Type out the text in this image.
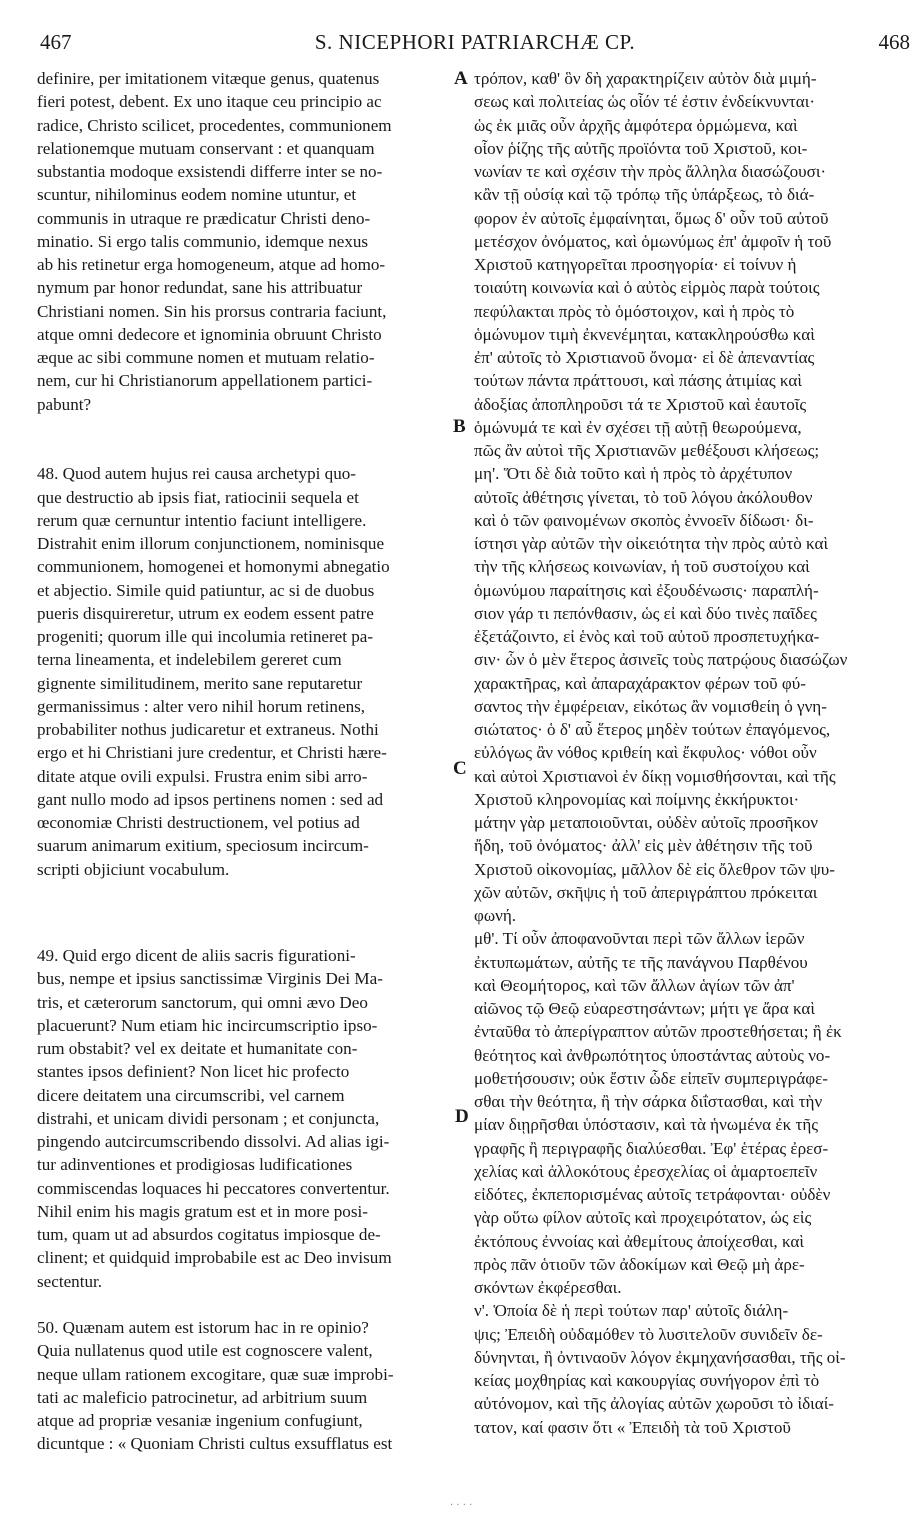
467	S. NICEPHORI PATRIARCHÆ CP.	468
A
B
C
D
definire, per imitationem vitæque genus, quatenus
fieri potest, debent. Ex uno itaque ceu principio ac
radice, Christo scilicet, procedentes, communionem
relationemque mutuam conservant : et quanquam
substantia modoque exsistendi differre inter se no-
scuntur, nihilominus eodem nomine utuntur, et
communis in utraque re prædicatur Christi deno-
minatio. Si ergo talis communio, idemque nexus
ab his retinetur erga homogeneum, atque ad homo-
nymum par honor redundat, sane his attribuatur
Christiani nomen. Sin his prorsus contraria faciunt,
atque omni dedecore et ignominia obruunt Christo
æque ac sibi commune nomen et mutuam relatio-
nem, cur hi Christianorum appellationem partici-
pabunt?
48. Quod autem hujus rei causa archetypi quo-
que destructio ab ipsis fiat, ratiocinii sequela et
rerum quæ cernuntur intentio faciunt intelligere.
Distrahit enim illorum conjunctionem, nominisque
communionem, homogenei et homonymi abnegatio
et abjectio. Simile quid patiuntur, ac si de duobus
pueris disquireretur, utrum ex eodem essent patre
progeniti; quorum ille qui incolumia retineret pa-
terna lineamenta, et indelebilem gereret cum
gignente similitudinem, merito sane reputaretur
germanissimus : alter vero nihil horum retinens,
probabiliter nothus judicaretur et extraneus. Nothi
ergo et hi Christiani jure credentur, et Christi hære-
ditate atque ovili expulsi. Frustra enim sibi arro-
gant nullo modo ad ipsos pertinens nomen : sed ad
œconomiæ Christi destructionem, vel potius ad
suarum animarum exitium, speciosum incircum-
scripti objiciunt vocabulum.
49. Quid ergo dicent de aliis sacris figurationi-
bus, nempe et ipsius sanctissimæ Virginis Dei Ma-
tris, et cæterorum sanctorum, qui omni ævo Deo
placuerunt? Num etiam hic incircumscriptio ipso-
rum obstabit? vel ex deitate et humanitate con-
stantes ipsos definient? Non licet hic profecto
dicere deitatem una circumscribi, vel carnem
distrahi, et unicam dividi personam ; et conjuncta,
pingendo autcircumscribendo dissolvi. Ad alias igi-
tur adinventiones et prodigiosas ludificationes
commiscendas loquaces hi peccatores convertentur.
Nihil enim his magis gratum est et in more posi-
tum, quam ut ad absurdos cogitatus impiosque de-
clinent; et quidquid improbabile est ac Deo invisum
sectentur.
50. Quænam autem est istorum hac in re opinio?
Quia nullatenus quod utile est cognoscere valent,
neque ullam rationem excogitare, quæ suæ improbi-
tati ac maleficio patrocinetur, ad arbitrium suum
atque ad propriæ vesaniæ ingenium confugiunt,
dicuntque : « Quoniam Christi cultus exsufflatus est
τρόπον, καθ' ὃν δὴ χαρακτηρίζειν αὐτὸν διὰ μιμή-
σεως καὶ πολιτείας ὡς οἷόν τέ ἐστιν ἐνδείκνυνται·
ὡς ἐκ μιᾶς οὖν ἀρχῆς ἀμφότερα ὁρμώμενα, καὶ
οἷον ῥίζης τῆς αὐτῆς προϊόντα τοῦ Χριστοῦ, κοι-
νωνίαν τε καὶ σχέσιν τὴν πρὸς ἄλληλα διασώζουσι·
κἂν τῇ οὐσίᾳ καὶ τῷ τρόπῳ τῆς ὑπάρξεως, τὸ διά-
φορον ἐν αὐτοῖς ἐμφαίνηται, ὅμως δ' οὖν τοῦ αὐτοῦ
μετέσχον ὀνόματος, καὶ ὁμωνύμως ἐπ' ἀμφοῖν ἡ τοῦ
Χριστοῦ κατηγορεῖται προσηγορία· εἰ τοίνυν ἡ
τοιαύτη κοινωνία καὶ ὁ αὐτὸς εἱρμὸς παρὰ τούτοις
πεφύλακται πρὸς τὸ ὁμόστοιχον, καὶ ἡ πρὸς τὸ
ὁμώνυμον τιμὴ ἐκνενέμηται, κατακληρούσθω καὶ
ἐπ' αὐτοῖς τὸ Χριστιανοῦ ὄνομα· εἰ δὲ ἀπεναντίας
τούτων πάντα πράττουσι, καὶ πάσης ἀτιμίας καὶ
ἀδοξίας ἀποπληροῦσι τά τε Χριστοῦ καὶ ἑαυτοῖς
ὁμώνυμά τε καὶ ἐν σχέσει τῇ αὐτῇ θεωρούμενα,
πῶς ἂν αὐτοὶ τῆς Χριστιανῶν μεθέξουσι κλήσεως;
μη'. Ὅτι δὲ διὰ τοῦτο καὶ ἡ πρὸς τὸ ἀρχέτυπον
αὐτοῖς ἀθέτησις γίνεται, τὸ τοῦ λόγου ἀκόλουθον
καὶ ὁ τῶν φαινομένων σκοπὸς ἐννοεῖν δίδωσι· δι-
ίστησι γὰρ αὐτῶν τὴν οἰκειότητα τὴν πρὸς αὐτὸ καὶ
τὴν τῆς κλήσεως κοινωνίαν, ἡ τοῦ συστοίχου καὶ
ὁμωνύμου παραίτησις καὶ ἐξουδένωσις· παραπλή-
σιον γάρ τι πεπόνθασιν, ὡς εἰ καὶ δύο τινὲς παῖδες
ἐξετάζοιντο, εἰ ἑνὸς καὶ τοῦ αὐτοῦ προσπετυχήκα-
σιν· ὧν ὁ μὲν ἕτερος ἀσινεῖς τοὺς πατρῴους διασώζων
χαρακτῆρας, καὶ ἀπαραχάρακτον φέρων τοῦ φύ-
σαντος τὴν ἐμφέρειαν, εἰκότως ἂν νομισθείη ὁ γνη-
σιώτατος· ὁ δ' αὖ ἕτερος μηδὲν τούτων ἐπαγόμενος,
εὐλόγως ἂν νόθος κριθείη καὶ ἔκφυλος· νόθοι οὖν
καὶ αὐτοὶ Χριστιανοὶ ἐν δίκῃ νομισθήσονται, καὶ τῆς
Χριστοῦ κληρονομίας καὶ ποίμνης ἐκκήρυκτοι·
μάτην γὰρ μεταποιοῦνται, οὐδὲν αὐτοῖς προσῆκον
ἤδη, τοῦ ὀνόματος· ἀλλ' εἰς μὲν ἀθέτησιν τῆς τοῦ
Χριστοῦ οἰκονομίας, μᾶλλον δὲ εἰς ὄλεθρον τῶν ψυ-
χῶν αὐτῶν, σκῆψις ἡ τοῦ ἀπεριγράπτου πρόκειται
φωνή.
μθ'. Τί οὖν ἀποφανοῦνται περὶ τῶν ἄλλων ἱερῶν
ἐκτυπωμάτων, αὐτῆς τε τῆς πανάγνου Παρθένου
καὶ Θεομήτορος, καὶ τῶν ἄλλων ἁγίων τῶν ἀπ'
αἰῶνος τῷ Θεῷ εὐαρεστησάντων; μήτι γε ἄρα καὶ
ἐνταῦθα τὸ ἀπερίγραπτον αὐτῶν προστεθήσεται; ἢ ἐκ
θεότητος καὶ ἀνθρωπότητος ὑποστάντας αὐτοὺς νο-
μοθετήσουσιν; οὐκ ἔστιν ὧδε εἰπεῖν συμπεριγράφε-
σθαι τὴν θεότητα, ἢ τὴν σάρκα διΐστασθαι, καὶ τὴν
μίαν διῃρῆσθαι ὑπόστασιν, καὶ τὰ ἡνωμένα ἐκ τῆς
γραφῆς ἢ περιγραφῆς διαλύεσθαι. Ἐφ' ἑτέρας ἐρεσ-
χελίας καὶ ἀλλοκότους ἐρεσχελίας οἱ ἁμαρτοεπεῖν
εἰδότες, ἐκπεπορισμένας αὐτοῖς τετράφονται· οὐδὲν
γὰρ οὕτω φίλον αὐτοῖς καὶ προχειρότατον, ὡς εἰς
ἐκτόπους ἐννοίας καὶ ἀθεμίτους ἀποίχεσθαι, καὶ
πρὸς πᾶν ὁτιοῦν τῶν ἀδοκίμων καὶ Θεῷ μὴ ἀρε-
σκόντων ἐκφέρεσθαι.
ν'. Ὁποία δὲ ἡ περὶ τούτων παρ' αὐτοῖς διάλη-
ψις; Ἐπειδὴ οὐδαμόθεν τὸ λυσιτελοῦν συνιδεῖν δε-
δύνηνται, ἢ ὀντιναοῦν λόγον ἐκμηχανήσασθαι, τῆς οἰ-
κείας μοχθηρίας καὶ κακουργίας συνήγορον ἐπὶ τὸ
αὐτόνομον, καὶ τῆς ἀλογίας αὐτῶν χωροῦσι τὸ ἰδιαί-
τατον, καί φασιν ὅτι « Ἐπειδὴ τὰ τοῦ Χριστοῦ
· · · ·
